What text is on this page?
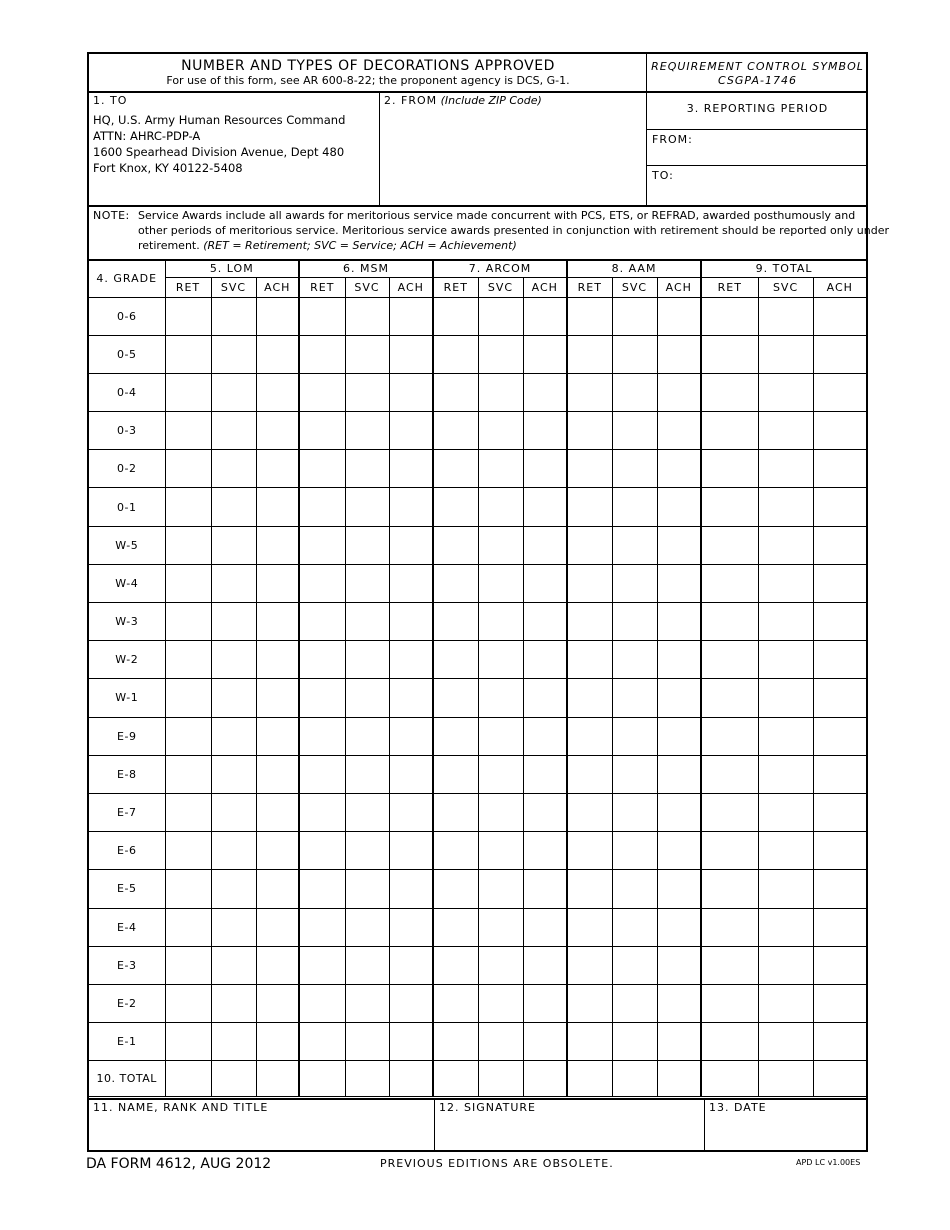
NUMBER AND TYPES OF DECORATIONS APPROVED
For use of this form, see AR 600-8-22; the proponent agency is DCS, G-1.
REQUIREMENT CONTROL SYMBOL
CSGPA-1746
1. TO
HQ, U.S. Army Human Resources Command
ATTN: AHRC-PDP-A
1600 Spearhead Division Avenue, Dept 480
Fort Knox, KY 40122-5408
2. FROM (Include ZIP Code)
3. REPORTING PERIOD
FROM:
TO:
NOTE: Service Awards include all awards for meritorious service made concurrent with PCS, ETS, or REFRAD, awarded posthumously and
other periods of meritorious service. Meritorious service awards presented in conjunction with retirement should be reported only under
retirement. (RET = Retirement; SVC = Service; ACH = Achievement)
4. GRADE	5. LOM			6. MSM			7. ARCOM			8. AAM			9. TOTAL		
	RET	SVC	ACH	RET	SVC	ACH	RET	SVC	ACH	RET	SVC	ACH	RET	SVC	ACH
0-6															
0-5															
0-4															
0-3															
0-2															
0-1															
W-5															
W-4															
W-3															
W-2															
W-1															
E-9															
E-8															
E-7															
E-6															
E-5															
E-4															
E-3															
E-2															
E-1															
10. TOTAL															
11. NAME, RANK AND TITLE	12. SIGNATURE	13. DATE
DA FORM 4612, AUG 2012	PREVIOUS EDITIONS ARE OBSOLETE.	APD LC v1.00ES
